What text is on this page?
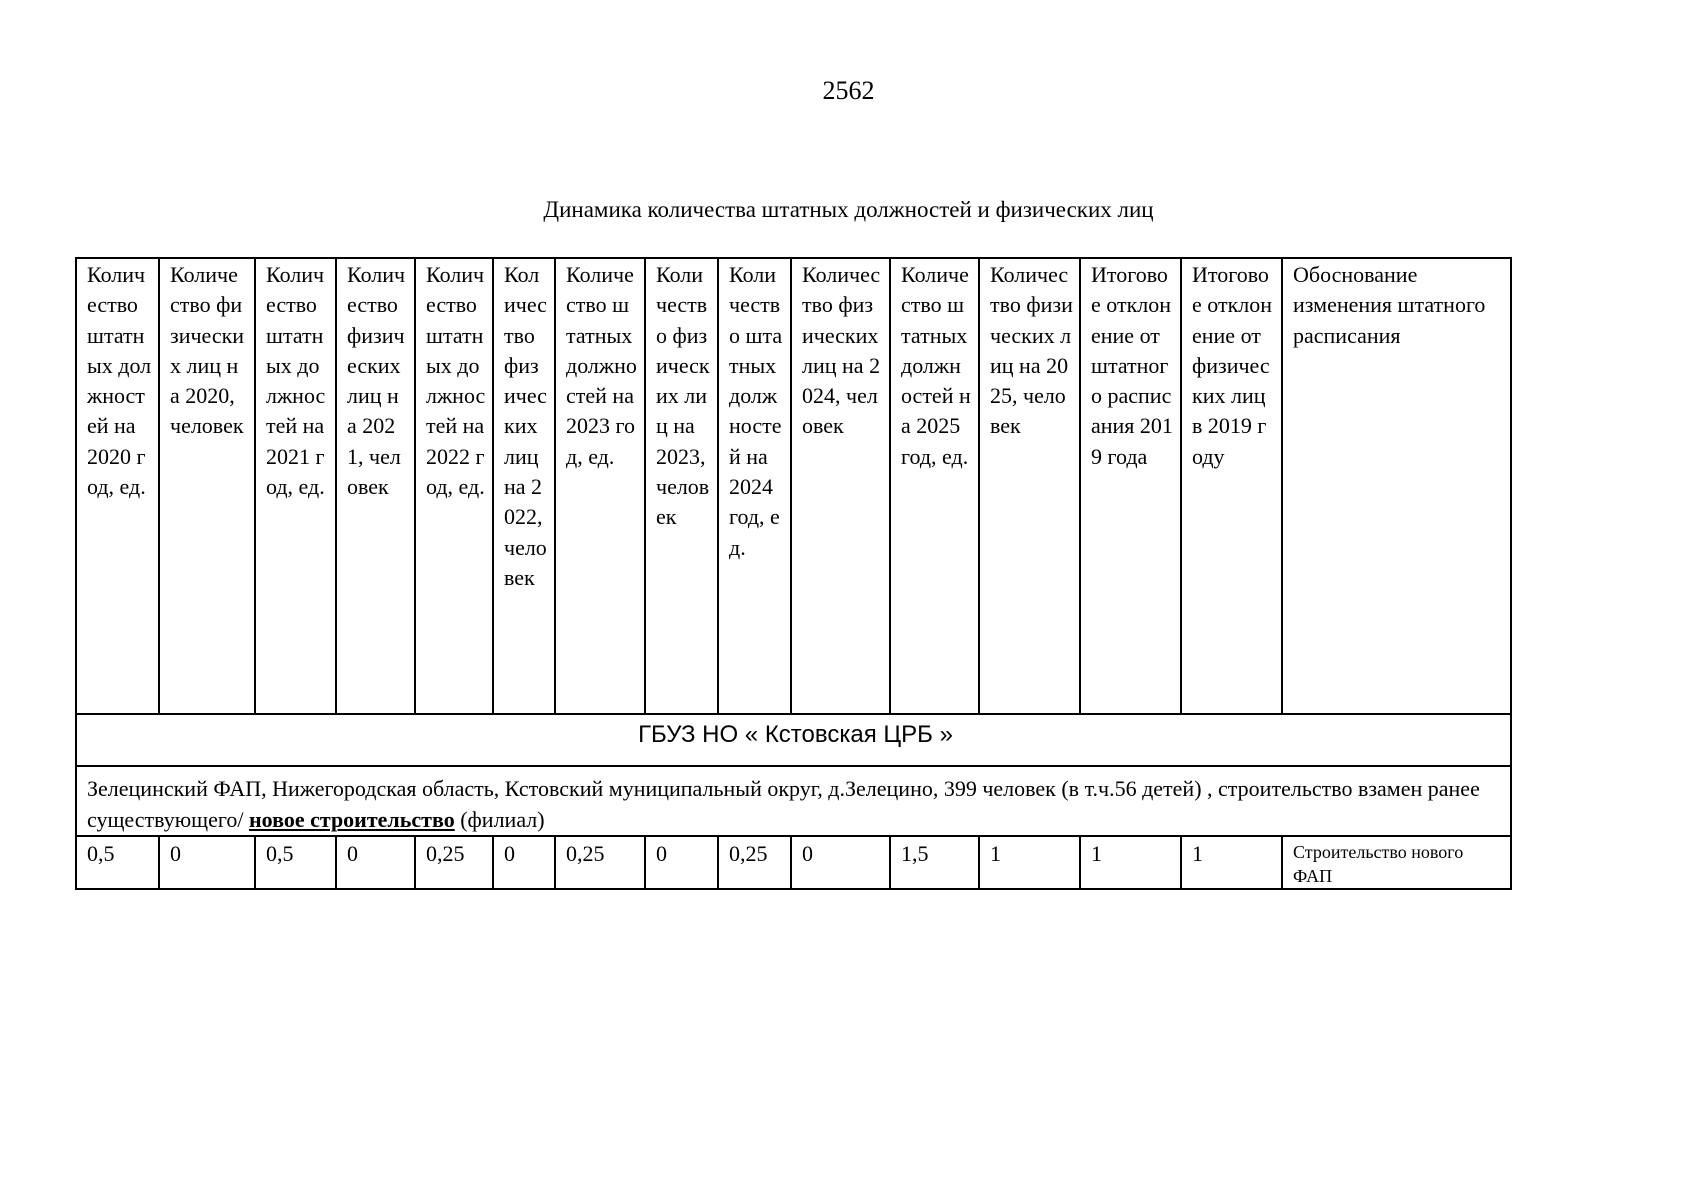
2562
Динамика количества штатных должностей и физических лиц
Количество штатных должностей на 2020 год, ед.	Количество физических лиц на 2020, человек	Количество штатных должностей на 2021 год, ед.	Количество физических лиц на 2021, человек	Количество штатных должностей на 2022 год, ед.	Количество физических лиц на 2022, человек	Количество штатных должностей на 2023 год, ед.	Количество физических лиц на 2023, человек	Количество штатных должностей на 2024 год, ед.	Количество физических лиц на 2024, человек	Количество штатных должностей на 2025 год, ед.	Количество физических лиц на 2025, человек	Итоговое отклонение от штатного расписания 2019 года	Итоговое отклонение от физических лиц в 2019 году	Обоснование изменения штатного расписания
ГБУЗ НО « Кстовская ЦРБ »														
Зелецинский ФАП, Нижегородская область, Кстовский муниципальный округ, д.Зелецино, 399 человек (в т.ч.56 детей) , строительство взамен ранее существующего/ новое строительство (филиал)														
0,5	0	0,5	0	0,25	0	0,25	0	0,25	0	1,5	1	1	1	Строительство нового ФАП
